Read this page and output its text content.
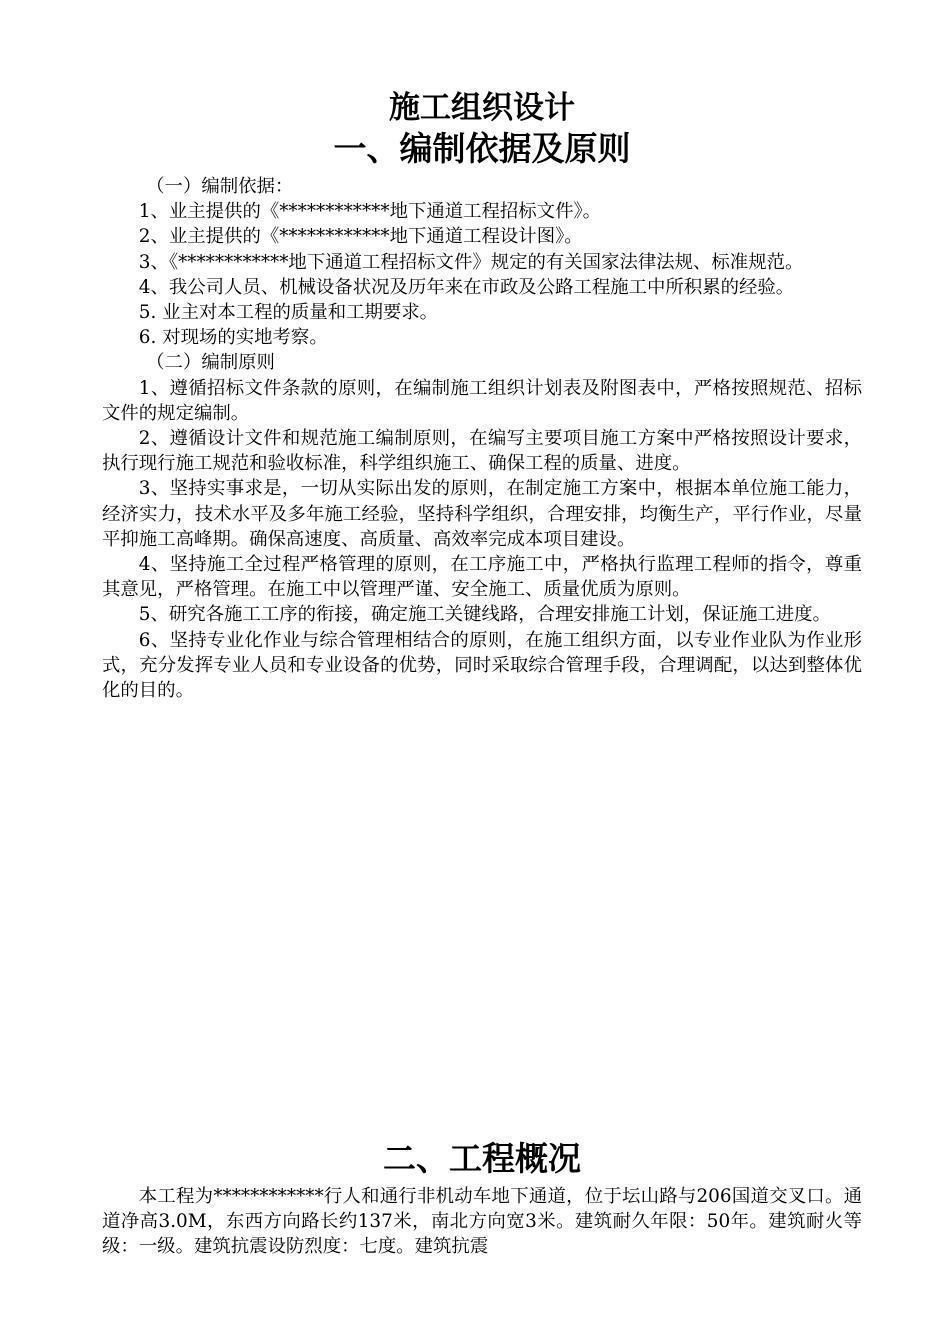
施工组织设计
一、编制依据及原则

（一）编制依据：

1、业主提供的《************地下通道工程招标文件》。

2、业主提供的《************地下通道工程设计图》。

3、《************地下通道工程招标文件》规定的有关国家法律法规、标准规范。

4、我公司人员、机械设备状况及历年来在市政及公路工程施工中所积累的经验。

5. 业主对本工程的质量和工期要求。

6. 对现场的实地考察。

（二）编制原则

1、遵循招标文件条款的原则，在编制施工组织计划表及附图表中，严格按照规范、招标文件的规定编制。

2、遵循设计文件和规范施工编制原则，在编写主要项目施工方案中严格按照设计要求，执行现行施工规范和验收标准，科学组织施工、确保工程的质量、进度。

3、坚持实事求是，一切从实际出发的原则，在制定施工方案中，根据本单位施工能力，经济实力，技术水平及多年施工经验，坚持科学组织，合理安排，均衡生产，平行作业，尽量平抑施工高峰期。确保高速度、高质量、高效率完成本项目建设。

4、坚持施工全过程严格管理的原则，在工序施工中，严格执行监理工程师的指令，尊重其意见，严格管理。在施工中以管理严谨、安全施工、质量优质为原则。

5、研究各施工工序的衔接，确定施工关键线路，合理安排施工计划，保证施工进度。

6、坚持专业化作业与综合管理相结合的原则，在施工组织方面，以专业作业队为作业形式，充分发挥专业人员和专业设备的优势，同时采取综合管理手段，合理调配，以达到整体优化的目的。

二、工程概况

本工程为************行人和通行非机动车地下通道，位于坛山路与206国道交叉口。通道净高3.0M，东西方向路长约137米，南北方向宽3米。建筑耐久年限：50年。建筑耐火等级：一级。建筑抗震设防烈度：七度。建筑抗震
